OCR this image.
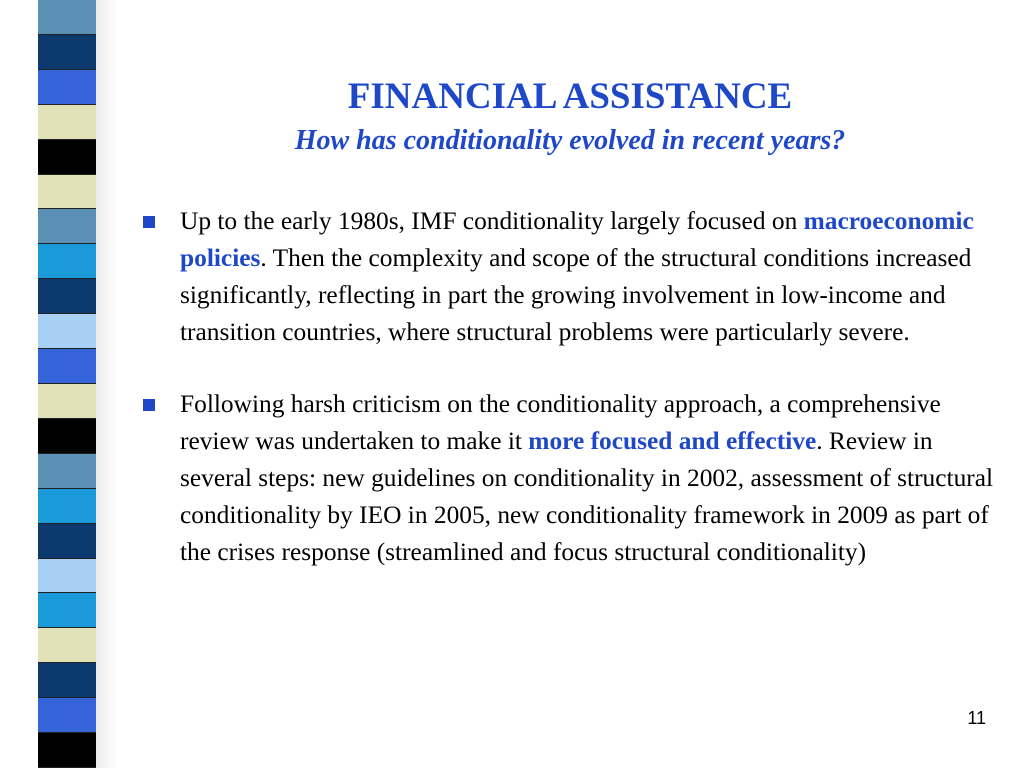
FINANCIAL ASSISTANCE
How has conditionality evolved in recent years?
Up to the early 1980s, IMF conditionality largely focused on macroeconomic policies. Then the complexity and scope of the structural conditions increased significantly, reflecting in part the growing involvement in low-income and transition countries, where structural problems were particularly severe.
Following harsh criticism on the conditionality approach, a comprehensive review was undertaken to make it more focused and effective. Review in several steps: new guidelines on conditionality in 2002, assessment of structural conditionality by IEO in 2005, new conditionality framework in 2009 as part of the crises response (streamlined and focus structural conditionality)
11
